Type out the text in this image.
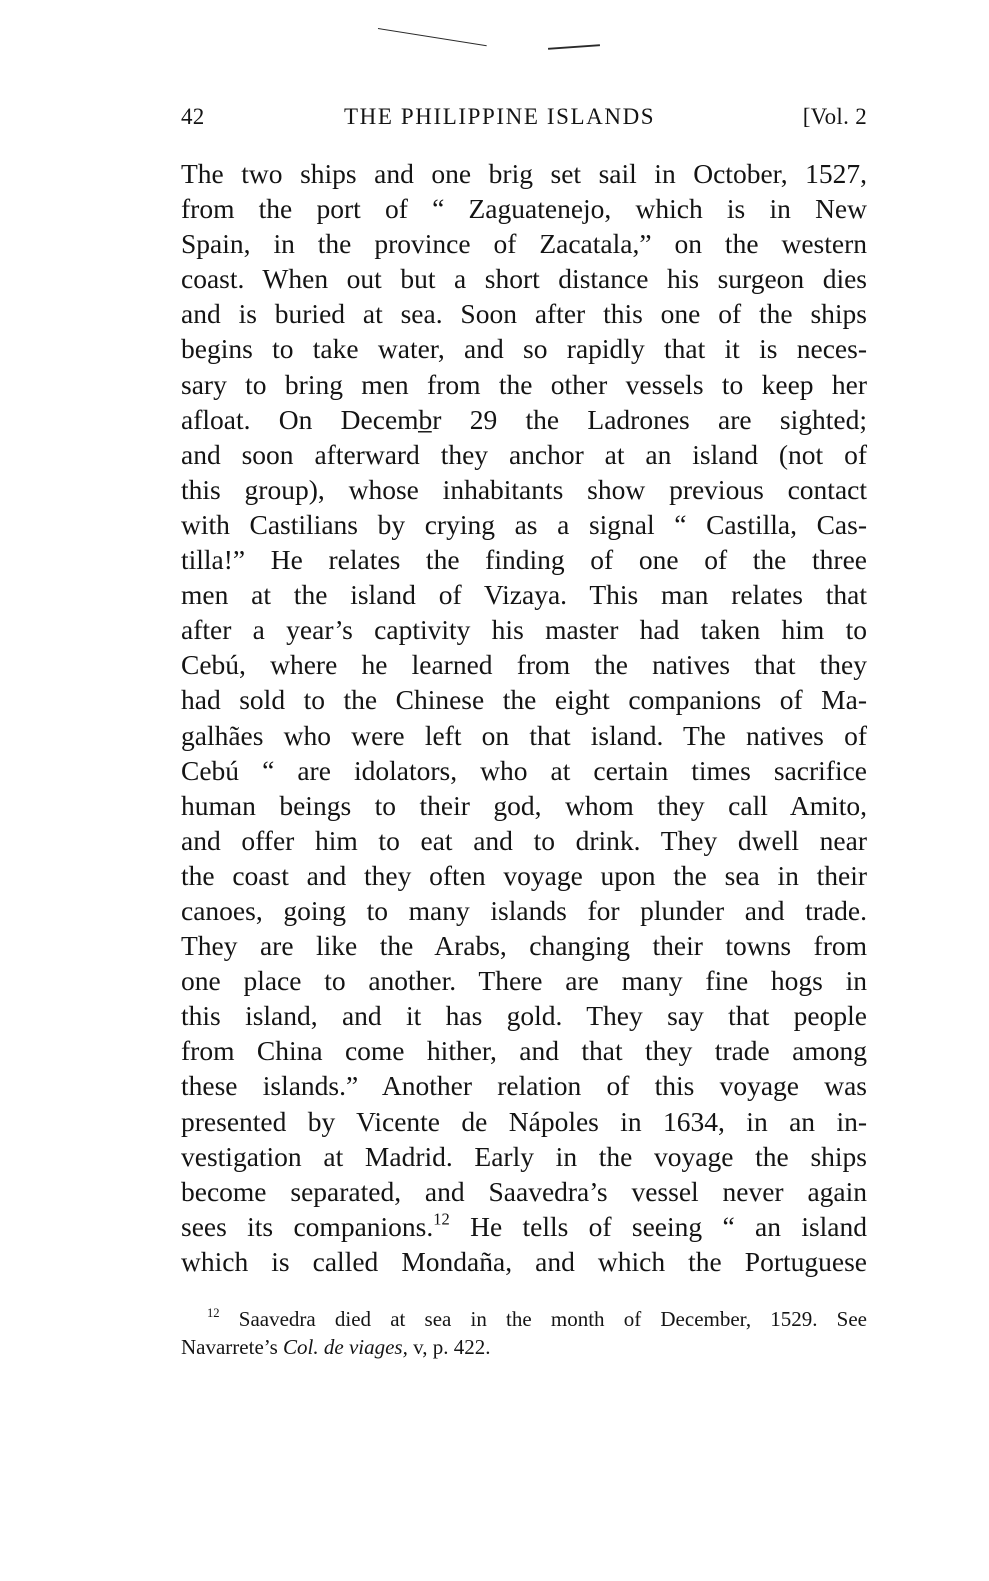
42	THE PHILIPPINE ISLANDS	[Vol. 2
The two ships and one brig set sail in October, 1527,
from the port of “ Zaguatenejo, which is in New
Spain, in the province of Zacatala,” on the western
coast. When out but a short distance his surgeon dies
and is buried at sea. Soon after this one of the ships
begins to take water, and so rapidly that it is neces-
sary to bring men from the other vessels to keep her
afloat. On Decemb̲r 29 the Ladrones are sighted;
and soon afterward they anchor at an island (not of
this group), whose inhabitants show previous contact
with Castilians by crying as a signal “ Castilla, Cas-
tilla!” He relates the finding of one of the three
men at the island of Vizaya. This man relates that
after a year’s captivity his master had taken him to
Cebú, where he learned from the natives that they
had sold to the Chinese the eight companions of Ma-
galhães who were left on that island. The natives of
Cebú “ are idolators, who at certain times sacrifice
human beings to their god, whom they call Amito,
and offer him to eat and to drink. They dwell near
the coast and they often voyage upon the sea in their
canoes, going to many islands for plunder and trade.
They are like the Arabs, changing their towns from
one place to another. There are many fine hogs in
this island, and it has gold. They say that people
from China come hither, and that they trade among
these islands.” Another relation of this voyage was
presented by Vicente de Nápoles in 1634, in an in-
vestigation at Madrid. Early in the voyage the ships
become separated, and Saavedra’s vessel never again
sees its companions.$^{12}$ He tells of seeing “ an island
which is called Mondaña, and which the Portuguese
$^{12}$ Saavedra died at sea in the month of December, 1529. See
Navarrete’s Col. de viages, v, p. 422.
